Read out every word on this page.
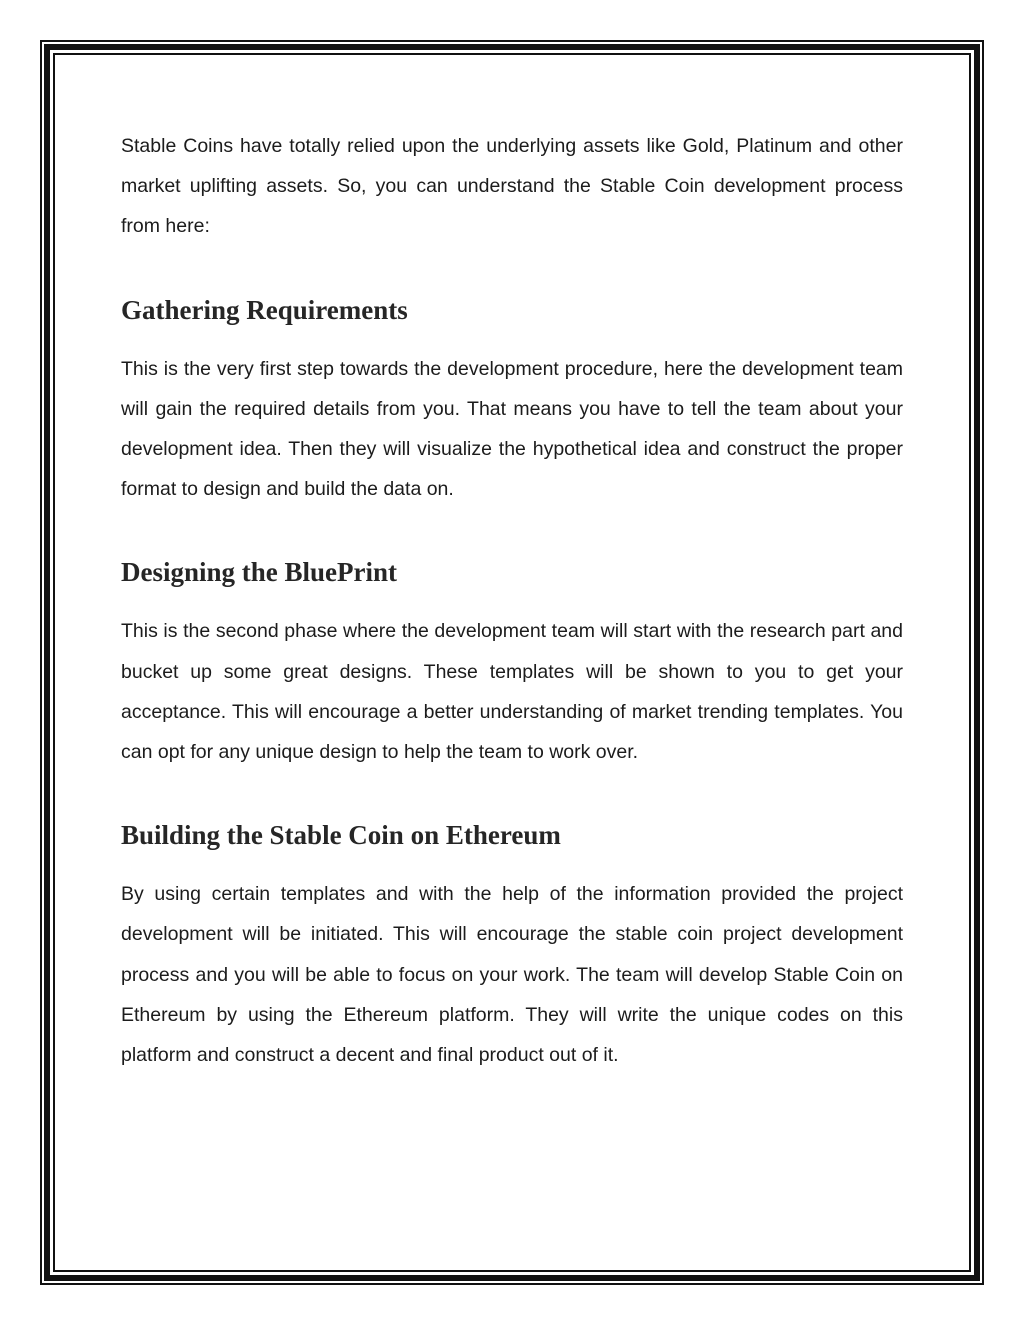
Stable Coins have totally relied upon the underlying assets like Gold, Platinum and other market uplifting assets. So, you can understand the Stable Coin development process from here:

Gathering Requirements

This is the very first step towards the development procedure, here the development team will gain the required details from you. That means you have to tell the team about your development idea. Then they will visualize the hypothetical idea and construct the proper format to design and build the data on.

Designing the BluePrint

This is the second phase where the development team will start with the research part and bucket up some great designs. These templates will be shown to you to get your acceptance. This will encourage a better understanding of market trending templates. You can opt for any unique design to help the team to work over.

Building the Stable Coin on Ethereum

By using certain templates and with the help of the information provided the project development will be initiated. This will encourage the stable coin project development process and you will be able to focus on your work. The team will develop Stable Coin on Ethereum by using the Ethereum platform. They will write the unique codes on this platform and construct a decent and final product out of it.
